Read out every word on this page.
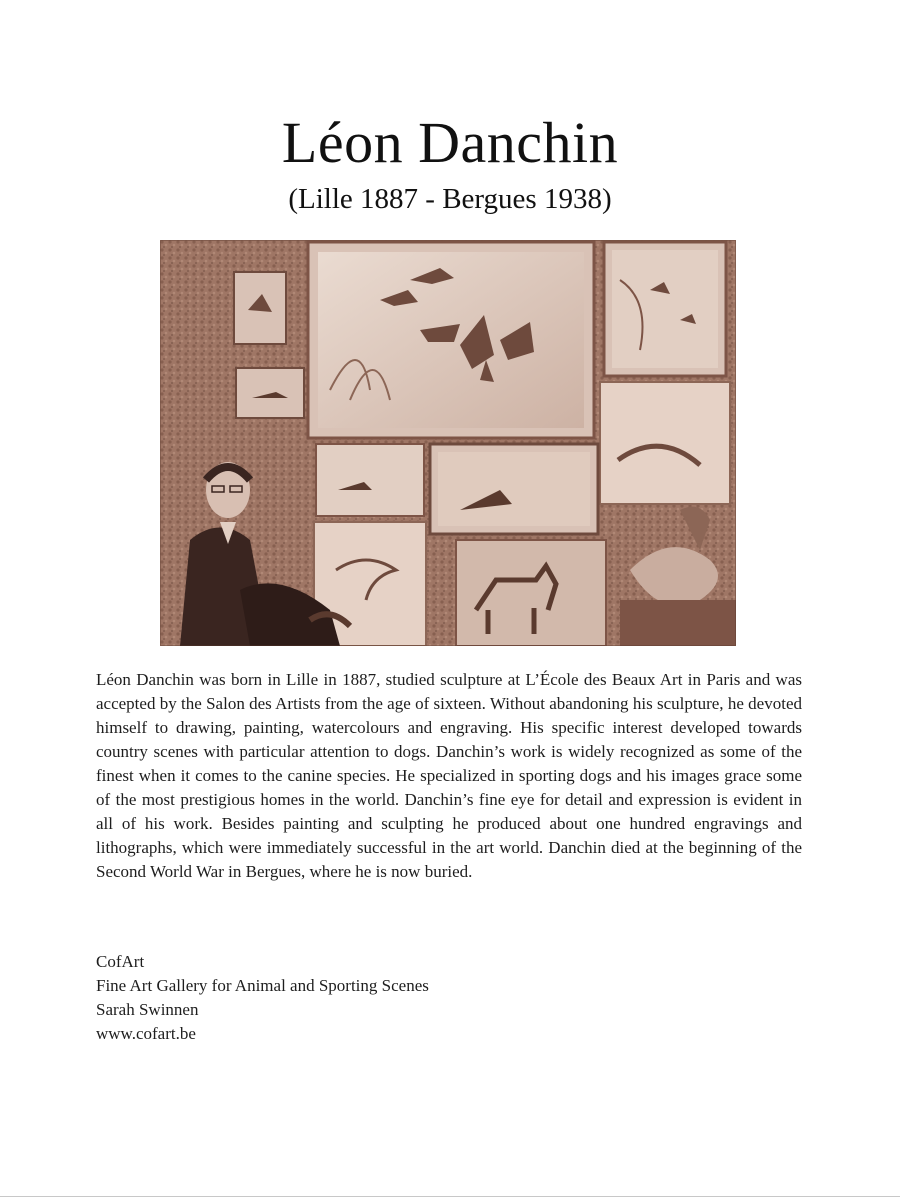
Léon Danchin
(Lille 1887 - Bergues 1938)

Léon Danchin was born in Lille in 1887, studied sculpture at L’École des Beaux Art in Paris and was accepted by the Salon des Artists from the age of sixteen. Without abandoning his sculpture, he devoted himself to drawing, painting, watercolours and engraving. His specific interest developed towards country scenes with particular attention to dogs. Danchin’s work is widely recognized as some of the finest when it comes to the canine species. He specialized in sporting dogs and his images grace some of the most prestigious homes in the world. Danchin’s fine eye for detail and expression is evident in all of his work. Besides painting and sculpting he produced about one hundred engravings and lithographs, which were immediately successful in the art world. Danchin died at the beginning of the Second World War in Bergues, where he is now buried.

CofArt
Fine Art Gallery for Animal and Sporting Scenes
Sarah Swinnen
www.cofart.be
